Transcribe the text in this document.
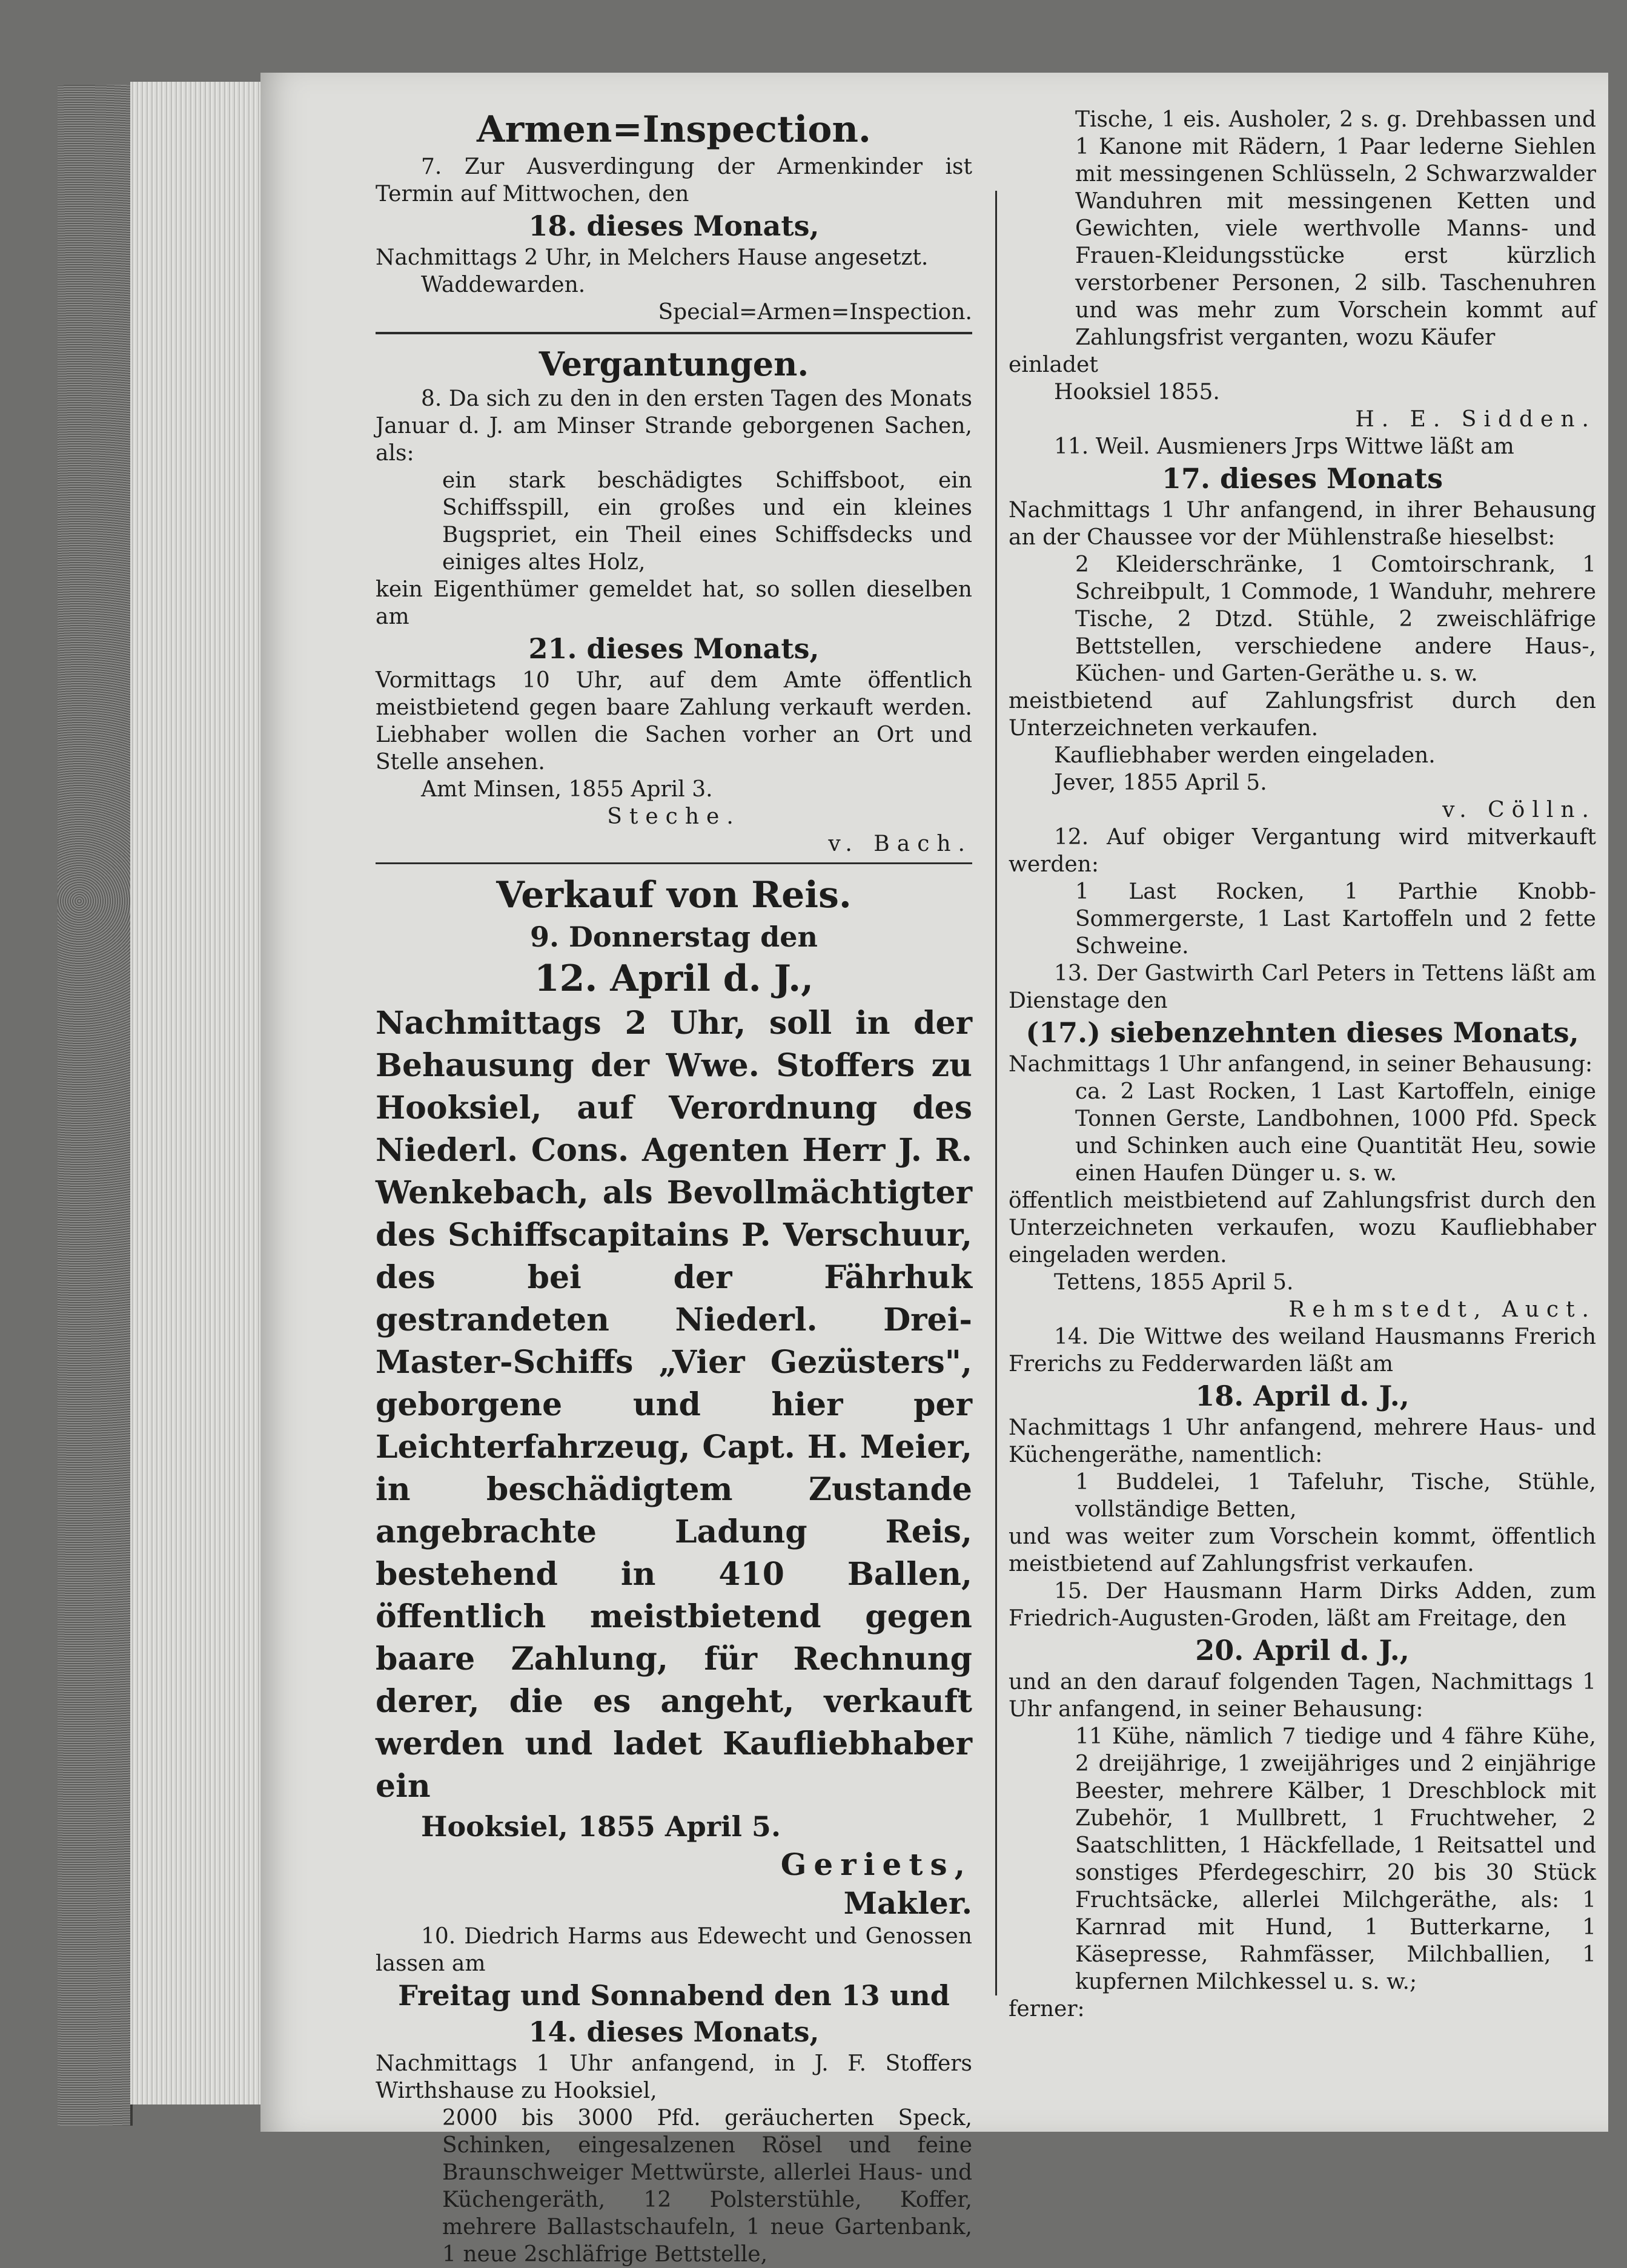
Armen=Inspection.

7. Zur Ausverdingung der Armenkinder ist Termin auf Mittwochen, den

18. dieses Monats,

Nachmittags 2 Uhr, in Melchers Hause angesetzt.

Waddewarden.

Special=Armen=Inspection.

Vergantungen.

8. Da sich zu den in den ersten Tagen des Monats Januar d. J. am Minser Strande geborgenen Sachen, als:

ein stark beschädigtes Schiffsboot, ein Schiffsspill, ein großes und ein kleines Bugspriet, ein Theil eines Schiffsdecks und einiges altes Holz,

kein Eigenthümer gemeldet hat, so sollen dieselben am

21. dieses Monats,

Vormittags 10 Uhr, auf dem Amte öffentlich meistbietend gegen baare Zahlung verkauft werden. Liebhaber wollen die Sachen vorher an Ort und Stelle ansehen.

Amt Minsen, 1855 April 3.

Steche.

v. Bach.

Verkauf von Reis.
9. Donnerstag den
12. April d. J.,

Nachmittags 2 Uhr, soll in der Behausung der Wwe. Stoffers zu Hooksiel, auf Verordnung des Niederl. Cons. Agenten Herr J. R. Wenkebach, als Bevollmächtigter des Schiffscapitains P. Verschuur, des bei der Fährhuk gestrandeten Niederl. Drei-Master-Schiffs „Vier Gezüsters", geborgene und hier per Leichterfahrzeug, Capt. H. Meier, in beschädigtem Zustande angebrachte Ladung Reis, bestehend in 410 Ballen, öffentlich meistbietend gegen baare Zahlung, für Rechnung derer, die es angeht, verkauft werden und ladet Kaufliebhaber ein

Hooksiel, 1855 April 5.

Geriets,

Makler.

10. Diedrich Harms aus Edewecht und Genossen lassen am

Freitag und Sonnabend den 13 und
14. dieses Monats,

Nachmittags 1 Uhr anfangend, in J. F. Stoffers Wirthshause zu Hooksiel,

2000 bis 3000 Pfd. geräucherten Speck, Schinken, eingesalzenen Rösel und feine Braunschweiger Mettwürste, allerlei Haus- und Küchengeräth, 12 Polsterstühle, Koffer, mehrere Ballastschaufeln, 1 neue Gartenbank, 1 neue 2schläfrige Bettstelle,

Tische, 1 eis. Ausholer, 2 s. g. Drehbassen und 1 Kanone mit Rädern, 1 Paar lederne Siehlen mit messingenen Schlüsseln, 2 Schwarzwalder Wanduhren mit messingenen Ketten und Gewichten, viele werthvolle Manns- und Frauen-Kleidungsstücke erst kürzlich verstorbener Personen, 2 silb. Taschenuhren und was mehr zum Vorschein kommt auf Zahlungsfrist verganten, wozu Käufer

einladet

Hooksiel 1855.

H. E. Sidden.

11. Weil. Ausmieners Jrps Wittwe läßt am

17. dieses Monats

Nachmittags 1 Uhr anfangend, in ihrer Behausung an der Chaussee vor der Mühlenstraße hieselbst:

2 Kleiderschränke, 1 Comtoirschrank, 1 Schreibpult, 1 Commode, 1 Wanduhr, mehrere Tische, 2 Dtzd. Stühle, 2 zweischläfrige Bettstellen, verschiedene andere Haus-, Küchen- und Garten-Geräthe u. s. w.

meistbietend auf Zahlungsfrist durch den Unterzeichneten verkaufen.

Kaufliebhaber werden eingeladen.

Jever, 1855 April 5.

v. Cölln.

12. Auf obiger Vergantung wird mitverkauft werden:

1 Last Rocken, 1 Parthie Knobb-Sommergerste, 1 Last Kartoffeln und 2 fette Schweine.

13. Der Gastwirth Carl Peters in Tettens läßt am Dienstage den

(17.) siebenzehnten dieses Monats,

Nachmittags 1 Uhr anfangend, in seiner Behausung:

ca. 2 Last Rocken, 1 Last Kartoffeln, einige Tonnen Gerste, Landbohnen, 1000 Pfd. Speck und Schinken auch eine Quantität Heu, sowie einen Haufen Dünger u. s. w.

öffentlich meistbietend auf Zahlungsfrist durch den Unterzeichneten verkaufen, wozu Kaufliebhaber eingeladen werden.

Tettens, 1855 April 5.

Rehmstedt, Auct.

14. Die Wittwe des weiland Hausmanns Frerich Frerichs zu Fedderwarden läßt am

18. April d. J.,

Nachmittags 1 Uhr anfangend, mehrere Haus- und Küchengeräthe, namentlich:

1 Buddelei, 1 Tafeluhr, Tische, Stühle, vollständige Betten,

und was weiter zum Vorschein kommt, öffentlich meistbietend auf Zahlungsfrist verkaufen.

15. Der Hausmann Harm Dirks Adden, zum Friedrich-Augusten-Groden, läßt am Freitage, den

20. April d. J.,

und an den darauf folgenden Tagen, Nachmittags 1 Uhr anfangend, in seiner Behausung:

11 Kühe, nämlich 7 tiedige und 4 fähre Kühe, 2 dreijährige, 1 zweijähriges und 2 einjährige Beester, mehrere Kälber, 1 Dreschblock mit Zubehör, 1 Mullbrett, 1 Fruchtweher, 2 Saatschlitten, 1 Häckfellade, 1 Reitsattel und sonstiges Pferdegeschirr, 20 bis 30 Stück Fruchtsäcke, allerlei Milchgeräthe, als: 1 Karnrad mit Hund, 1 Butterkarne, 1 Käsepresse, Rahmfässer, Milchballien, 1 kupfernen Milchkessel u. s. w.;

ferner:
